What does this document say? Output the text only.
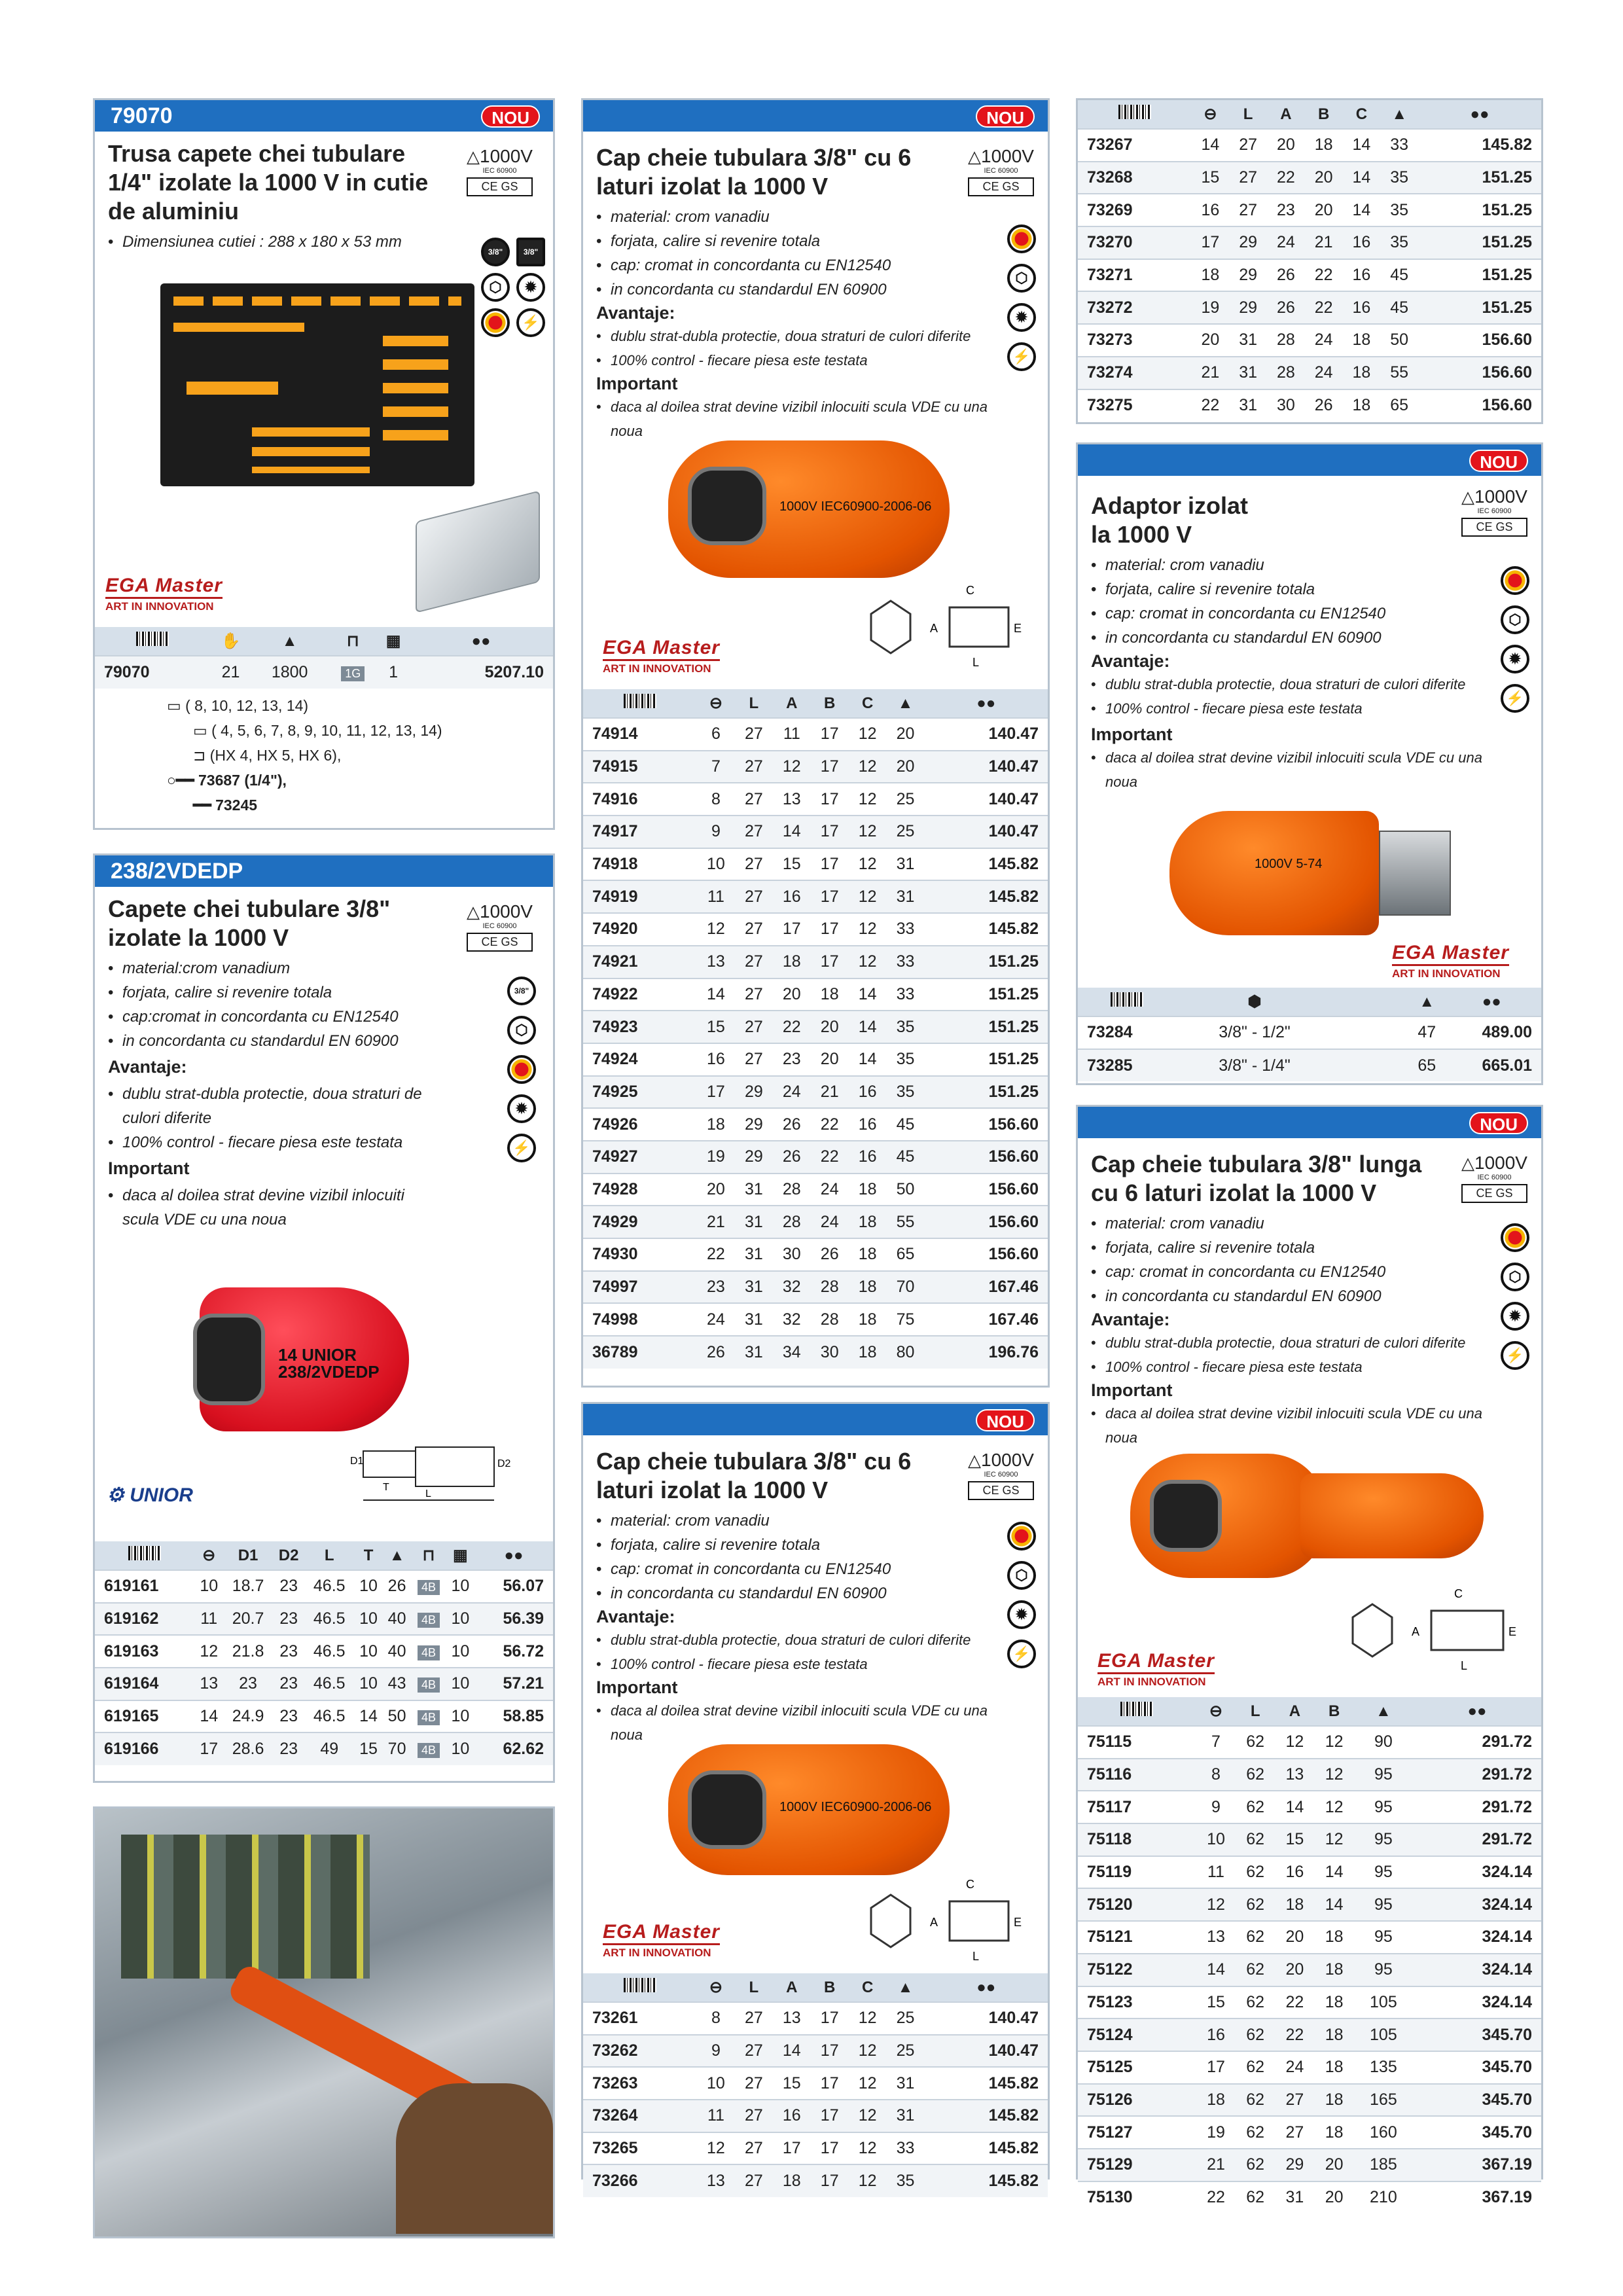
79070	NOU
Trusa capete chei tubulare 1/4" izolate la 1000 V in cutie de aluminiu
• Dimensiunea cutiei : 288 x 180 x 53 mm
△1000V
IEC 60900
CE GS
3/8"	3/8"
⬡	✹
⚡
EGA Master
ART IN INNOVATION
	✋	▲	⊓	▦	●●
79070	21	1800	1G	1	5207.10
▭ ( 8, 10, 12, 13, 14)
▭ ( 4, 5, 6, 7, 8, 9, 10, 11, 12, 13, 14)
⊐ (HX 4, HX 5, HX 6),
○━━ 73687 (1/4"),
━━ 73245
238/2VDEDP
Capete chei tubulare 3/8" izolate la 1000 V
• material:crom vanadium
• forjata, calire si revenire totala
• cap:cromat in concordanta cu EN12540
• in concordanta cu standardul EN 60900
Avantaje:
• dublu strat-dubla protectie, doua straturi de culori diferite
• 100% control - fiecare piesa este testata
Important
• daca al doilea strat devine vizibil inlocuiti scula VDE cu una noua
△1000V
IEC 60900
CE GS
3/8"
⬡
✹
⚡
14 UNIOR 238/2VDEDP
D1	D2
L
T
⚙ UNIOR
	⊖	D1	D2	L	T	▲	⊓	▦	●●
619161	10	18.7	23	46.5	10	26	4B	10	56.07
619162	11	20.7	23	46.5	10	40	4B	10	56.39
619163	12	21.8	23	46.5	10	40	4B	10	56.72
619164	13	23	23	46.5	10	43	4B	10	57.21
619165	14	24.9	23	46.5	14	50	4B	10	58.85
619166	17	28.6	23	49	15	70	4B	10	62.62
NOU
Cap cheie tubulara 3/8" cu 6 laturi izolat la 1000 V
• material: crom vanadiu
• forjata, calire si revenire totala
• cap: cromat in concordanta cu EN12540
• in concordanta cu standardul EN 60900
Avantaje:
• dublu strat-dubla protectie, doua straturi de culori diferite
• 100% control - fiecare piesa este testata
Important
• daca al doilea strat devine vizibil inlocuiti scula VDE cu una noua
△1000V
IEC 60900
CE GS
⬡
✹
⚡
1000V IEC60900-2006-06
A	E
C
L
EGA Master
ART IN INNOVATION
	⊖	L	A	B	C	▲	●●
74914	6	27	11	17	12	20	140.47
74915	7	27	12	17	12	20	140.47
74916	8	27	13	17	12	25	140.47
74917	9	27	14	17	12	25	140.47
74918	10	27	15	17	12	31	145.82
74919	11	27	16	17	12	31	145.82
74920	12	27	17	17	12	33	145.82
74921	13	27	18	17	12	33	151.25
74922	14	27	20	18	14	33	151.25
74923	15	27	22	20	14	35	151.25
74924	16	27	23	20	14	35	151.25
74925	17	29	24	21	16	35	151.25
74926	18	29	26	22	16	45	156.60
74927	19	29	26	22	16	45	156.60
74928	20	31	28	24	18	50	156.60
74929	21	31	28	24	18	55	156.60
74930	22	31	30	26	18	65	156.60
74997	23	31	32	28	18	70	167.46
74998	24	31	32	28	18	75	167.46
36789	26	31	34	30	18	80	196.76
NOU
Cap cheie tubulara 3/8" cu 6 laturi izolat la 1000 V
• material: crom vanadiu
• forjata, calire si revenire totala
• cap: cromat in concordanta cu EN12540
• in concordanta cu standardul EN 60900
Avantaje:
• dublu strat-dubla protectie, doua straturi de culori diferite
• 100% control - fiecare piesa este testata
Important
• daca al doilea strat devine vizibil inlocuiti scula VDE cu una noua
△1000V
IEC 60900
CE GS
⬡
✹
⚡
1000V IEC60900-2006-06
A	E
C
L
EGA Master
ART IN INNOVATION
	⊖	L	A	B	C	▲	●●
73261	8	27	13	17	12	25	140.47
73262	9	27	14	17	12	25	140.47
73263	10	27	15	17	12	31	145.82
73264	11	27	16	17	12	31	145.82
73265	12	27	17	17	12	33	145.82
73266	13	27	18	17	12	35	145.82
	⊖	L	A	B	C	▲	●●
73267	14	27	20	18	14	33	145.82
73268	15	27	22	20	14	35	151.25
73269	16	27	23	20	14	35	151.25
73270	17	29	24	21	16	35	151.25
73271	18	29	26	22	16	45	151.25
73272	19	29	26	22	16	45	151.25
73273	20	31	28	24	18	50	156.60
73274	21	31	28	24	18	55	156.60
73275	22	31	30	26	18	65	156.60
NOU
Adaptor izolat la 1000 V
• material: crom vanadiu
• forjata, calire si revenire totala
• cap: cromat in concordanta cu EN12540
• in concordanta cu standardul EN 60900
Avantaje:
• dublu strat-dubla protectie, doua straturi de culori diferite
• 100% control - fiecare piesa este testata
Important
• daca al doilea strat devine vizibil inlocuiti scula VDE cu una noua
△1000V
IEC 60900
CE GS
⬡
✹
⚡
1000V 5-74
EGA Master
ART IN INNOVATION
	⬢		▲	●●
73284	3/8" - 1/2"		47	489.00
73285	3/8" - 1/4"		65	665.01
NOU
Cap cheie tubulara 3/8" lunga cu 6 laturi izolat la 1000 V
• material: crom vanadiu
• forjata, calire si revenire totala
• cap: cromat in concordanta cu EN12540
• in concordanta cu standardul EN 60900
Avantaje:
• dublu strat-dubla protectie, doua straturi de culori diferite
• 100% control - fiecare piesa este testata
Important
• daca al doilea strat devine vizibil inlocuiti scula VDE cu una noua
△1000V
IEC 60900
CE GS
⬡
✹
⚡
A	E
C
L
EGA Master
ART IN INNOVATION
	⊖	L	A	B	▲	●●
75115	7	62	12	12	90	291.72
75116	8	62	13	12	95	291.72
75117	9	62	14	12	95	291.72
75118	10	62	15	12	95	291.72
75119	11	62	16	14	95	324.14
75120	12	62	18	14	95	324.14
75121	13	62	20	18	95	324.14
75122	14	62	20	18	95	324.14
75123	15	62	22	18	105	324.14
75124	16	62	22	18	105	345.70
75125	17	62	24	18	135	345.70
75126	18	62	27	18	165	345.70
75127	19	62	27	18	160	345.70
75129	21	62	29	20	185	367.19
75130	22	62	31	20	210	367.19
